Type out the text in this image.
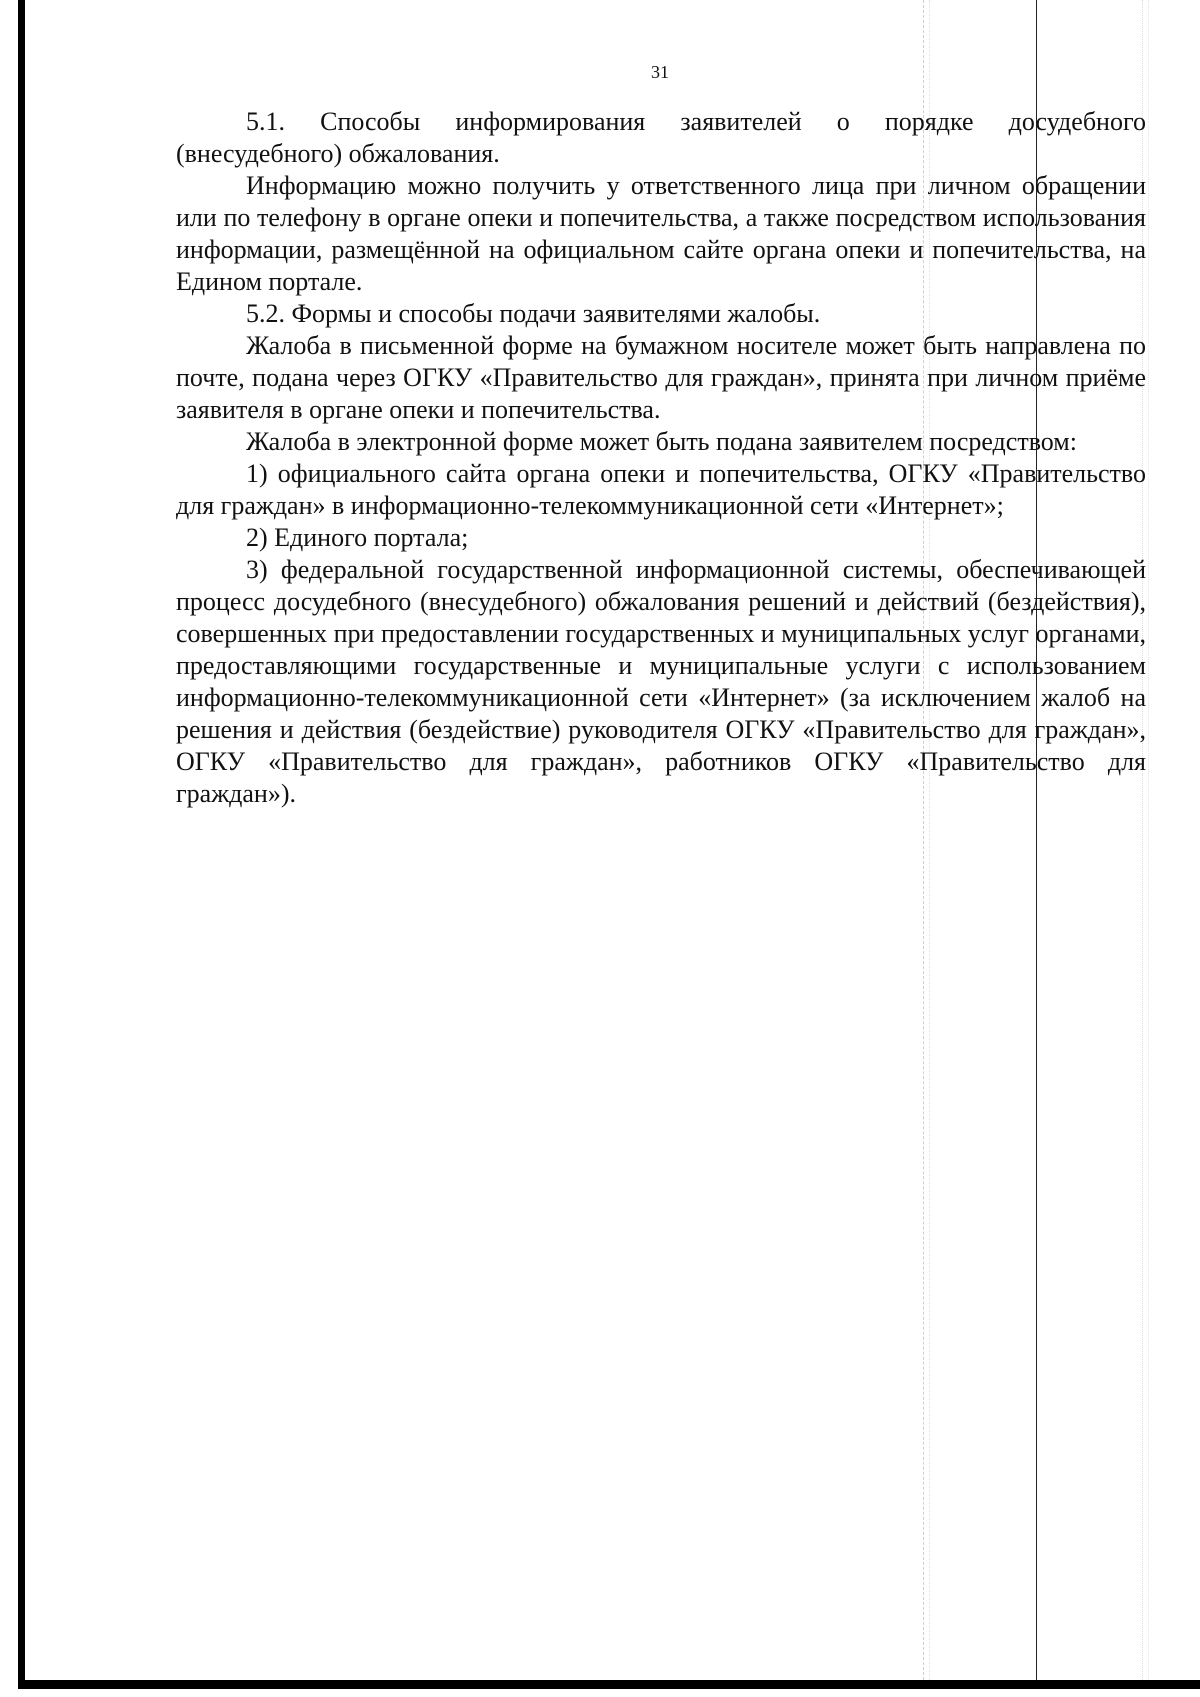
31

5.1. Способы информирования заявителей о порядке досудебного (внесудебного) обжалования.

Информацию можно получить у ответственного лица при личном обращении или по телефону в органе опеки и попечительства, а также посредством использования информации, размещённой на официальном сайте органа опеки и попечительства, на Едином портале.

5.2. Формы и способы подачи заявителями жалобы.

Жалоба в письменной форме на бумажном носителе может быть направлена по почте, подана через ОГКУ «Правительство для граждан», принята при личном приёме заявителя в органе опеки и попечительства.

Жалоба в электронной форме может быть подана заявителем посредством:

1) официального сайта органа опеки и попечительства, ОГКУ «Правительство для граждан» в информационно-телекоммуникационной сети «Интернет»;

2) Единого портала;

3) федеральной государственной информационной системы, обеспечивающей процесс досудебного (внесудебного) обжалования решений и действий (бездействия), совершенных при предоставлении государственных и муниципальных услуг органами, предоставляющими государственные и муниципальные услуги с использованием информационно-телекоммуникационной сети «Интернет» (за исключением жалоб на решения и действия (бездействие) руководителя ОГКУ «Правительство для граждан», ОГКУ «Правительство для граждан», работников ОГКУ «Правительство для граждан»).
